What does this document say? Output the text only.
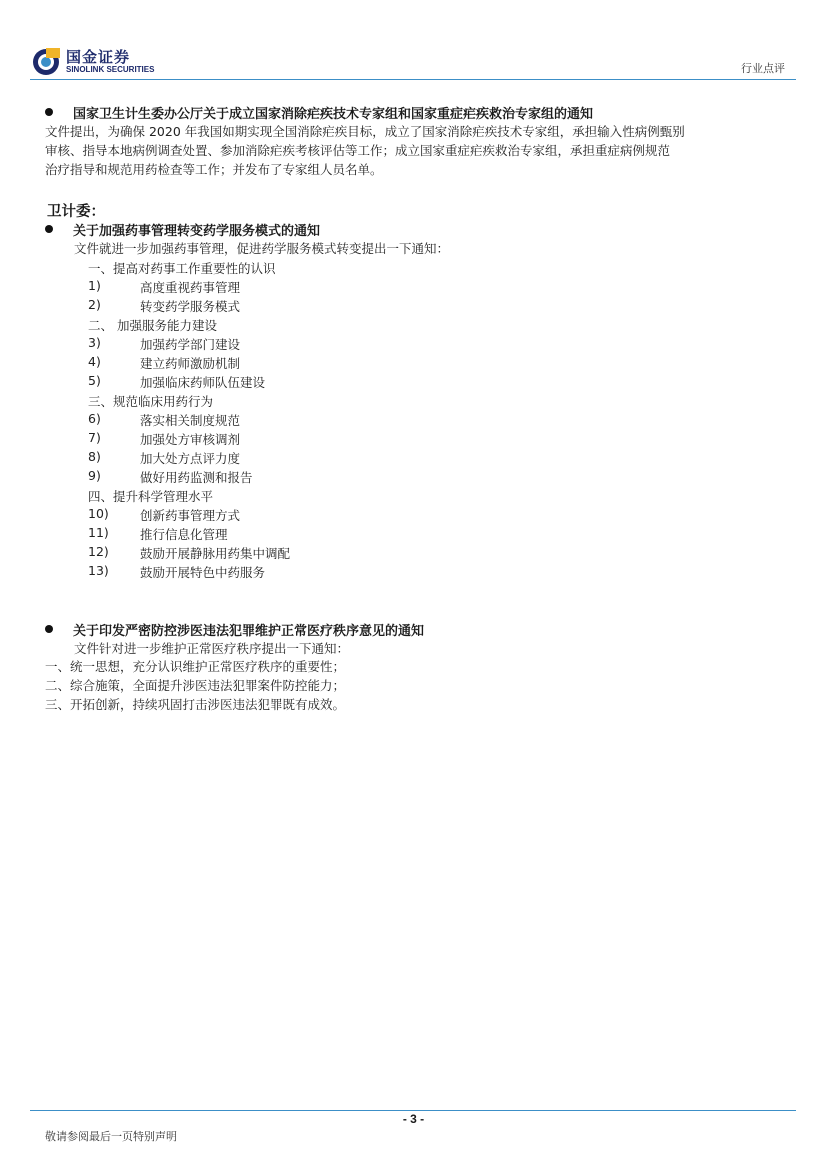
国金证券
SINOLINK SECURITIES	行业点评
国家卫生计生委办公厅关于成立国家消除疟疾技术专家组和国家重症疟疾救治专家组的通知
文件提出，为确保 2020 年我国如期实现全国消除疟疾目标，成立了国家消除疟疾技术专家组，承担输入性病例甄别
审核、指导本地病例调查处置、参加消除疟疾考核评估等工作；成立国家重症疟疾救治专家组，承担重症病例规范
治疗指导和规范用药检查等工作；并发布了专家组人员名单。
卫计委：
关于加强药事管理转变药学服务模式的通知
文件就进一步加强药事管理，促进药学服务模式转变提出一下通知：
一、提高对药事工作重要性的认识
1)	高度重视药事管理
2)	转变药学服务模式
二、 加强服务能力建设
3)	加强药学部门建设
4)	建立药师激励机制
5)	加强临床药师队伍建设
三、规范临床用药行为
6)	落实相关制度规范
7)	加强处方审核调剂
8)	加大处方点评力度
9)	做好用药监测和报告
四、提升科学管理水平
10) 创新药事管理方式
11) 推行信息化管理
12) 鼓励开展静脉用药集中调配
13) 鼓励开展特色中药服务
关于印发严密防控涉医违法犯罪维护正常医疗秩序意见的通知
文件针对进一步维护正常医疗秩序提出一下通知：
一、统一思想，充分认识维护正常医疗秩序的重要性；
二、综合施策，全面提升涉医违法犯罪案件防控能力；
三、开拓创新，持续巩固打击涉医违法犯罪既有成效。
- 3 -
敬请参阅最后一页特别声明
